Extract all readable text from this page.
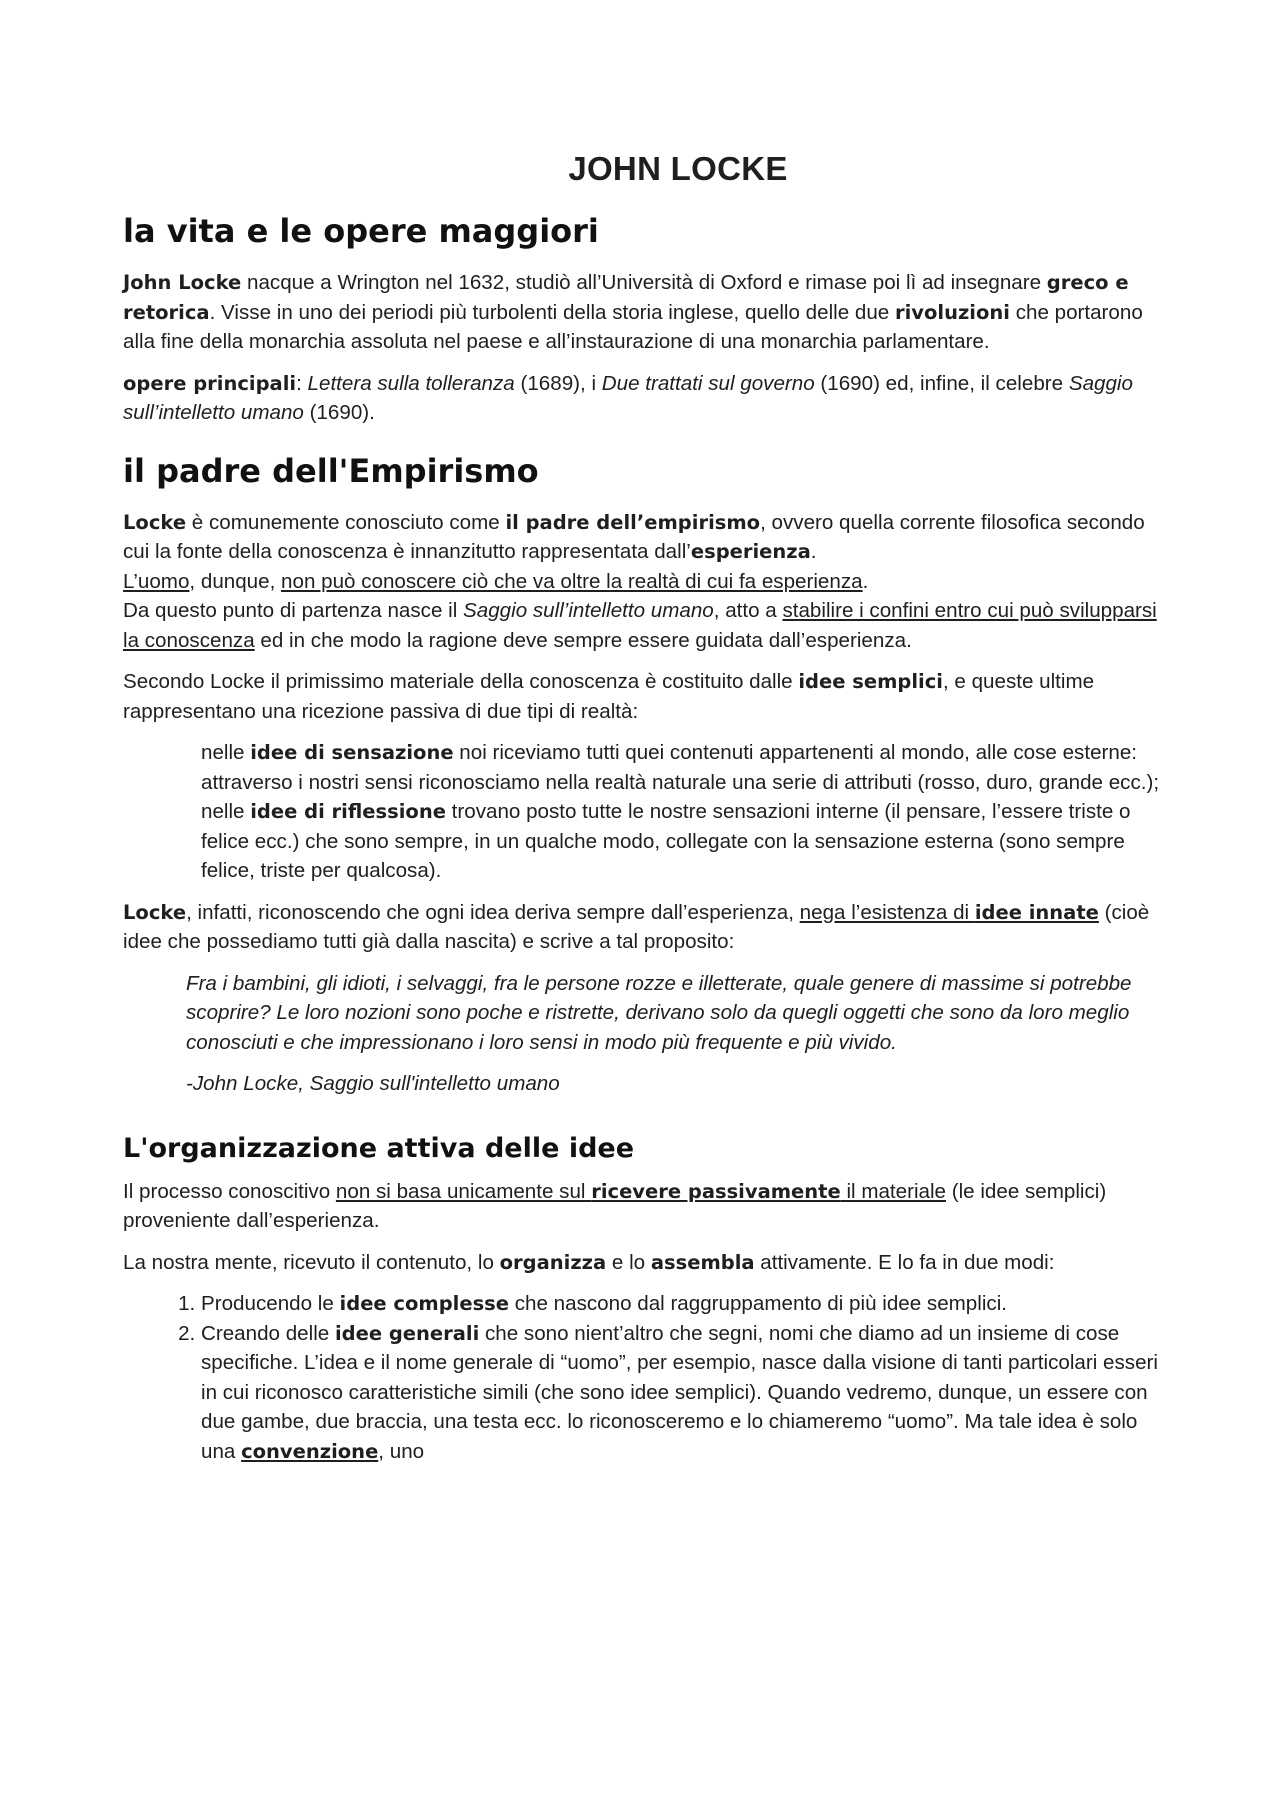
JOHN LOCKE
la vita e le opere maggiori

John Locke nacque a Wrington nel 1632, studiò all’Università di Oxford e rimase poi lì ad insegnare greco e retorica. Visse in uno dei periodi più turbolenti della storia inglese, quello delle due rivoluzioni che portarono alla fine della monarchia assoluta nel paese e all’instaurazione di una monarchia parlamentare.

opere principali: Lettera sulla tolleranza (1689), i Due trattati sul governo (1690) ed, infine, il celebre Saggio sull’intelletto umano (1690).

il padre dell'Empirismo

Locke è comunemente conosciuto come il padre dell’empirismo, ovvero quella corrente filosofica secondo cui la fonte della conoscenza è innanzitutto rappresentata dall’esperienza.
L’uomo, dunque, non può conoscere ciò che va oltre la realtà di cui fa esperienza.
Da questo punto di partenza nasce il Saggio sull’intelletto umano, atto a stabilire i confini entro cui può svilupparsi la conoscenza ed in che modo la ragione deve sempre essere guidata dall’esperienza.

Secondo Locke il primissimo materiale della conoscenza è costituito dalle idee semplici, e queste ultime rappresentano una ricezione passiva di due tipi di realtà:

nelle idee di sensazione noi riceviamo tutti quei contenuti appartenenti al mondo, alle cose esterne: attraverso i nostri sensi riconosciamo nella realtà naturale una serie di attributi (rosso, duro, grande ecc.);

nelle idee di riflessione trovano posto tutte le nostre sensazioni interne (il pensare, l’essere triste o felice ecc.) che sono sempre, in un qualche modo, collegate con la sensazione esterna (sono sempre felice, triste per qualcosa).

Locke, infatti, riconoscendo che ogni idea deriva sempre dall’esperienza, nega l’esistenza di idee innate (cioè idee che possediamo tutti già dalla nascita) e scrive a tal proposito:

Fra i bambini, gli idioti, i selvaggi, fra le persone rozze e illetterate, quale genere di massime si potrebbe scoprire? Le loro nozioni sono poche e ristrette, derivano solo da quegli oggetti che sono da loro meglio conosciuti e che impressionano i loro sensi in modo più frequente e più vivido.

-John Locke, Saggio sull'intelletto umano

L'organizzazione attiva delle idee

Il processo conoscitivo non si basa unicamente sul ricevere passivamente il materiale (le idee semplici) proveniente dall’esperienza.

La nostra mente, ricevuto il contenuto, lo organizza e lo assembla attivamente. E lo fa in due modi:

1. Producendo le idee complesse che nascono dal raggruppamento di più idee semplici.
2. Creando delle idee generali che sono nient’altro che segni, nomi che diamo ad un insieme di cose specifiche. L’idea e il nome generale di “uomo”, per esempio, nasce dalla visione di tanti particolari esseri in cui riconosco caratteristiche simili (che sono idee semplici). Quando vedremo, dunque, un essere con due gambe, due braccia, una testa ecc. lo riconosceremo e lo chiameremo “uomo”. Ma tale idea è solo una convenzione, uno
